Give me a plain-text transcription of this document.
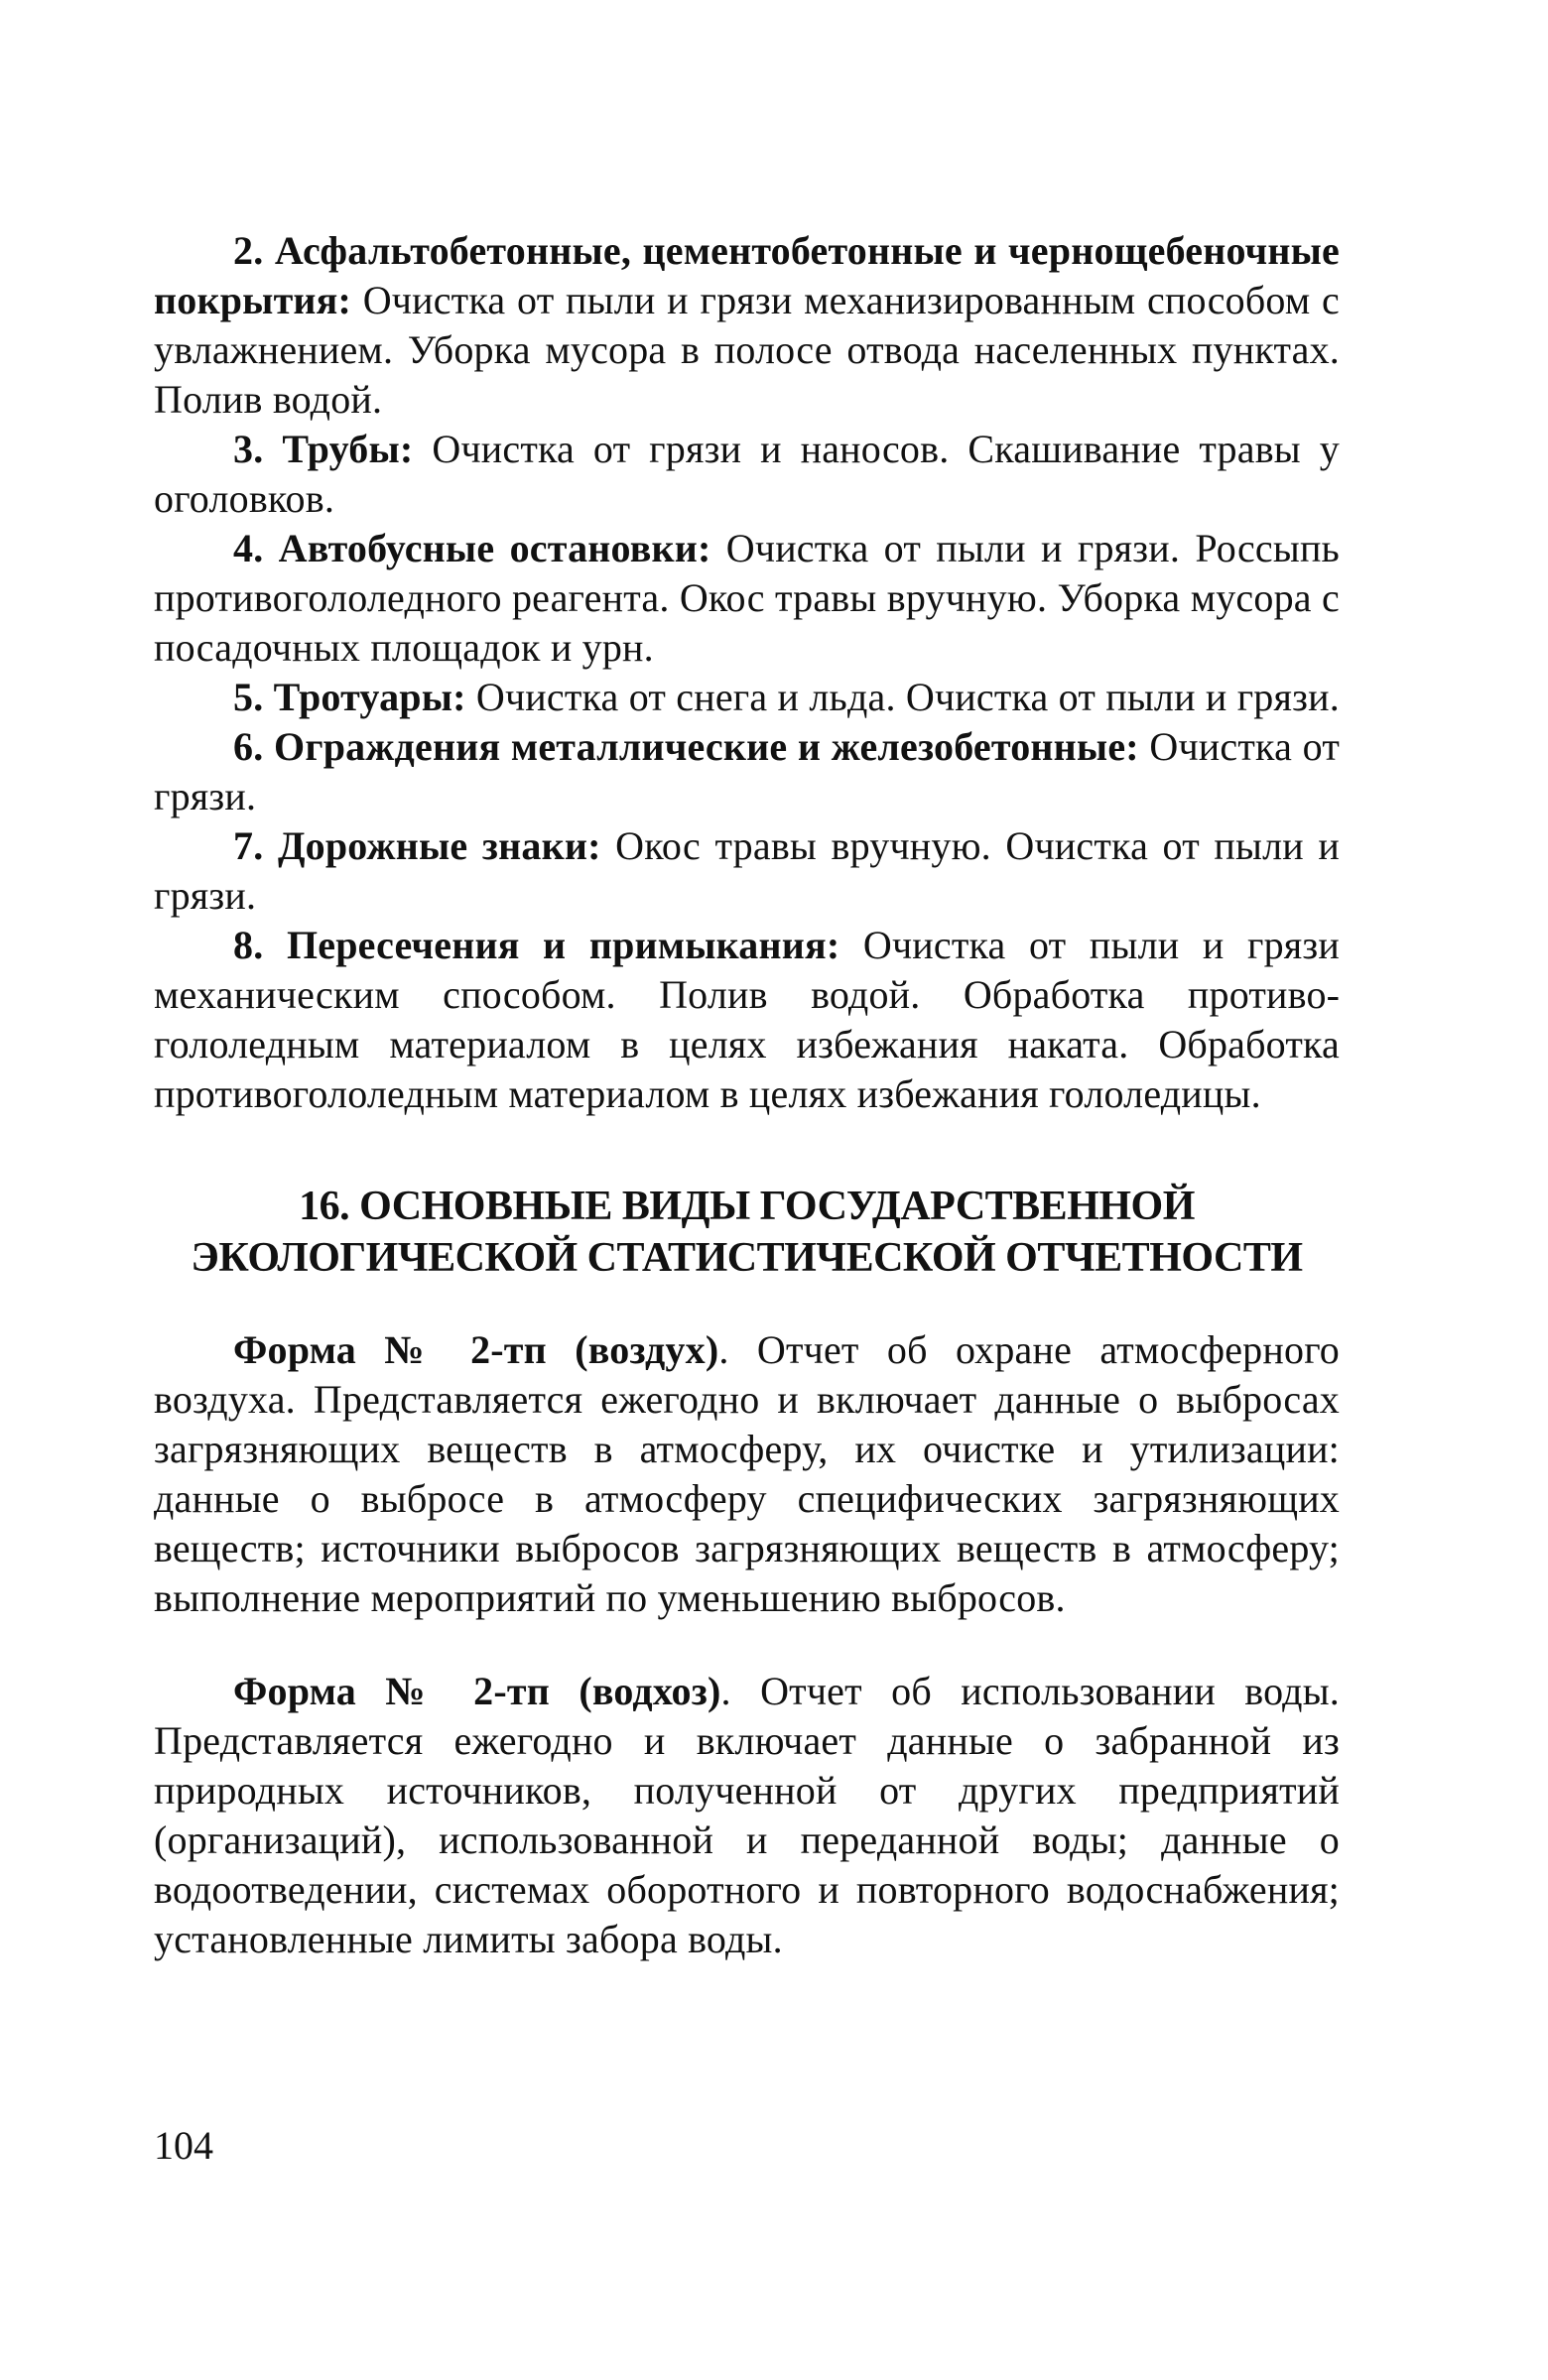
2. Асфальтобетонные, цементобетонные и чернощебеночные покрытия: Очистка от пыли и грязи механизированным способом с увлажнением. Уборка мусора в полосе отвода населенных пунктах. Полив водой.

3. Трубы: Очистка от грязи и наносов. Скашивание травы у оголовков.

4. Автобусные остановки: Очистка от пыли и грязи. Россыпь противогололедного реагента. Окос травы вручную. Уборка мусора с посадочных площадок и урн.

5. Тротуары: Очистка от снега и льда. Очистка от пыли и грязи.

6. Ограждения металлические и железобетонные: Очистка от грязи.

7. Дорожные знаки: Окос травы вручную. Очистка от пыли и грязи.

8. Пересечения и примыкания: Очистка от пыли и грязи механическим способом. Полив водой. Обработка противогололедным материалом в целях избежания наката. Обработка противогололедным материалом в целях избежания гололедицы.

16. ОСНОВНЫЕ ВИДЫ ГОСУДАРСТВЕННОЙ
ЭКОЛОГИЧЕСКОЙ СТАТИСТИЧЕСКОЙ ОТЧЕТНОСТИ

Форма № 2-тп (воздух). Отчет об охране атмосферного воздуха. Представляется ежегодно и включает данные о выбросах загрязняющих веществ в атмосферу, их очистке и утилизации: данные о выбросе в атмосферу специфических загрязняющих веществ; источники выбросов загрязняющих веществ в атмосферу; выполнение мероприятий по уменьшению выбросов.

Форма № 2-тп (водхоз). Отчет об использовании воды. Представляется ежегодно и включает данные о забранной из природных источников, полученной от других предприятий (организаций), использованной и переданной воды; данные о водоотведении, системах оборотного и повторного водоснабжения; установленные лимиты забора воды.

104
